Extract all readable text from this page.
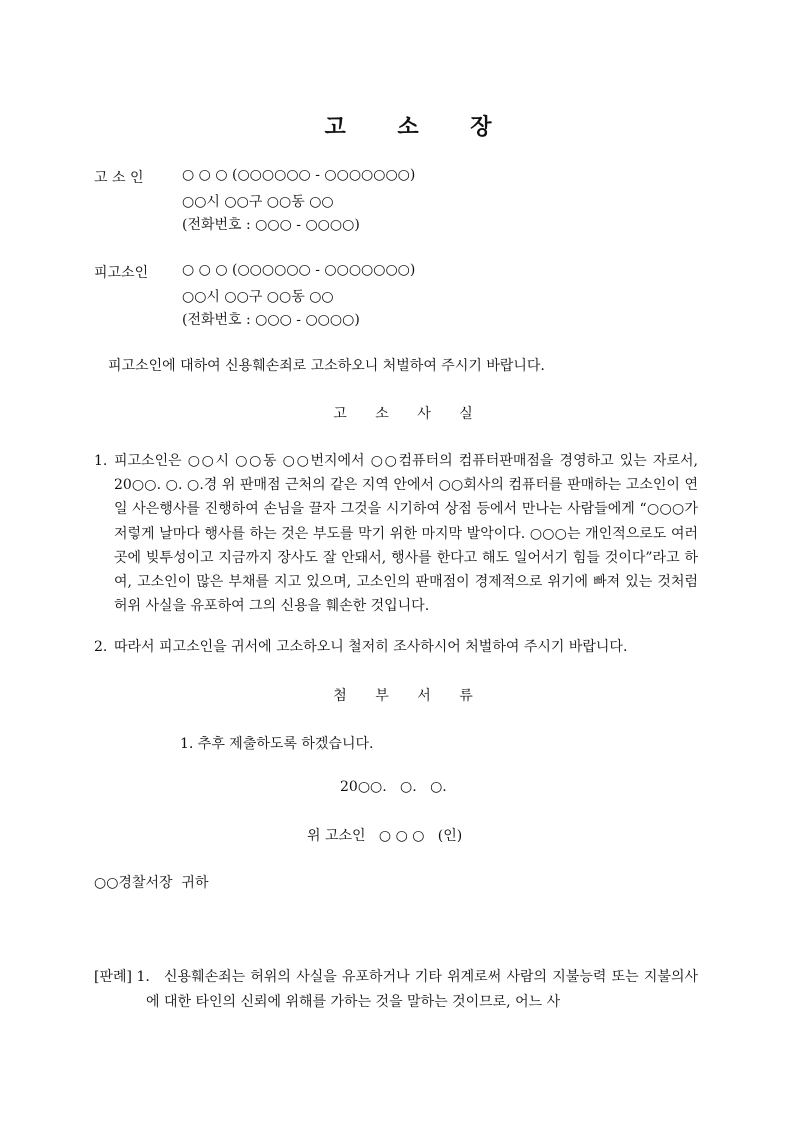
고 소 장
고 소 인	○ ○ ○ (○○○○○○ - ○○○○○○○)
○○시 ○○구 ○○동 ○○
(전화번호 : ○○○ - ○○○○)
피고소인 ○ ○ ○ (○○○○○○ - ○○○○○○○)
○○시 ○○구 ○○동 ○○
(전화번호 : ○○○ - ○○○○)
피고소인에 대하여 신용훼손죄로 고소하오니 처벌하여 주시기 바랍니다.
고 소 사 실
1. 피고소인은 ○○시 ○○동 ○○번지에서 ○○컴퓨터의 컴퓨터판매점을 경영하고 있는 자로서, 20○○. ○. ○.경 위 판매점 근처의 같은 지역 안에서 ○○회사의 컴퓨터를 판매하는 고소인이 연일 사은행사를 진행하여 손님을 끌자 그것을 시기하여 상점 등에서 만나는 사람들에게 “○○○가 저렇게 날마다 행사를 하는 것은 부도를 막기 위한 마지막 발악이다. ○○○는 개인적으로도 여러 곳에 빚투성이고 지금까지 장사도 잘 안돼서, 행사를 한다고 해도 일어서기 힘들 것이다”라고 하여, 고소인이 많은 부채를 지고 있으며, 고소인의 판매점이 경제적으로 위기에 빠져 있는 것처럼 허위 사실을 유포하여 그의 신용을 훼손한 것입니다.
2. 따라서 피고소인을 귀서에 고소하오니 철저히 조사하시어 처벌하여 주시기 바랍니다.
첨 부 서 류
1. 추후 제출하도록 하겠습니다.
20○○.   ○.   ○.
위 고소인   ○ ○ ○   (인)
○○경찰서장  귀하
[판례] 1.	신용훼손죄는 허위의 사실을 유포하거나 기타 위계로써 사람의 지불능력 또는 지불의사에 대한 타인의 신뢰에 위해를 가하는 것을 말하는 것이므로, 어느 사
